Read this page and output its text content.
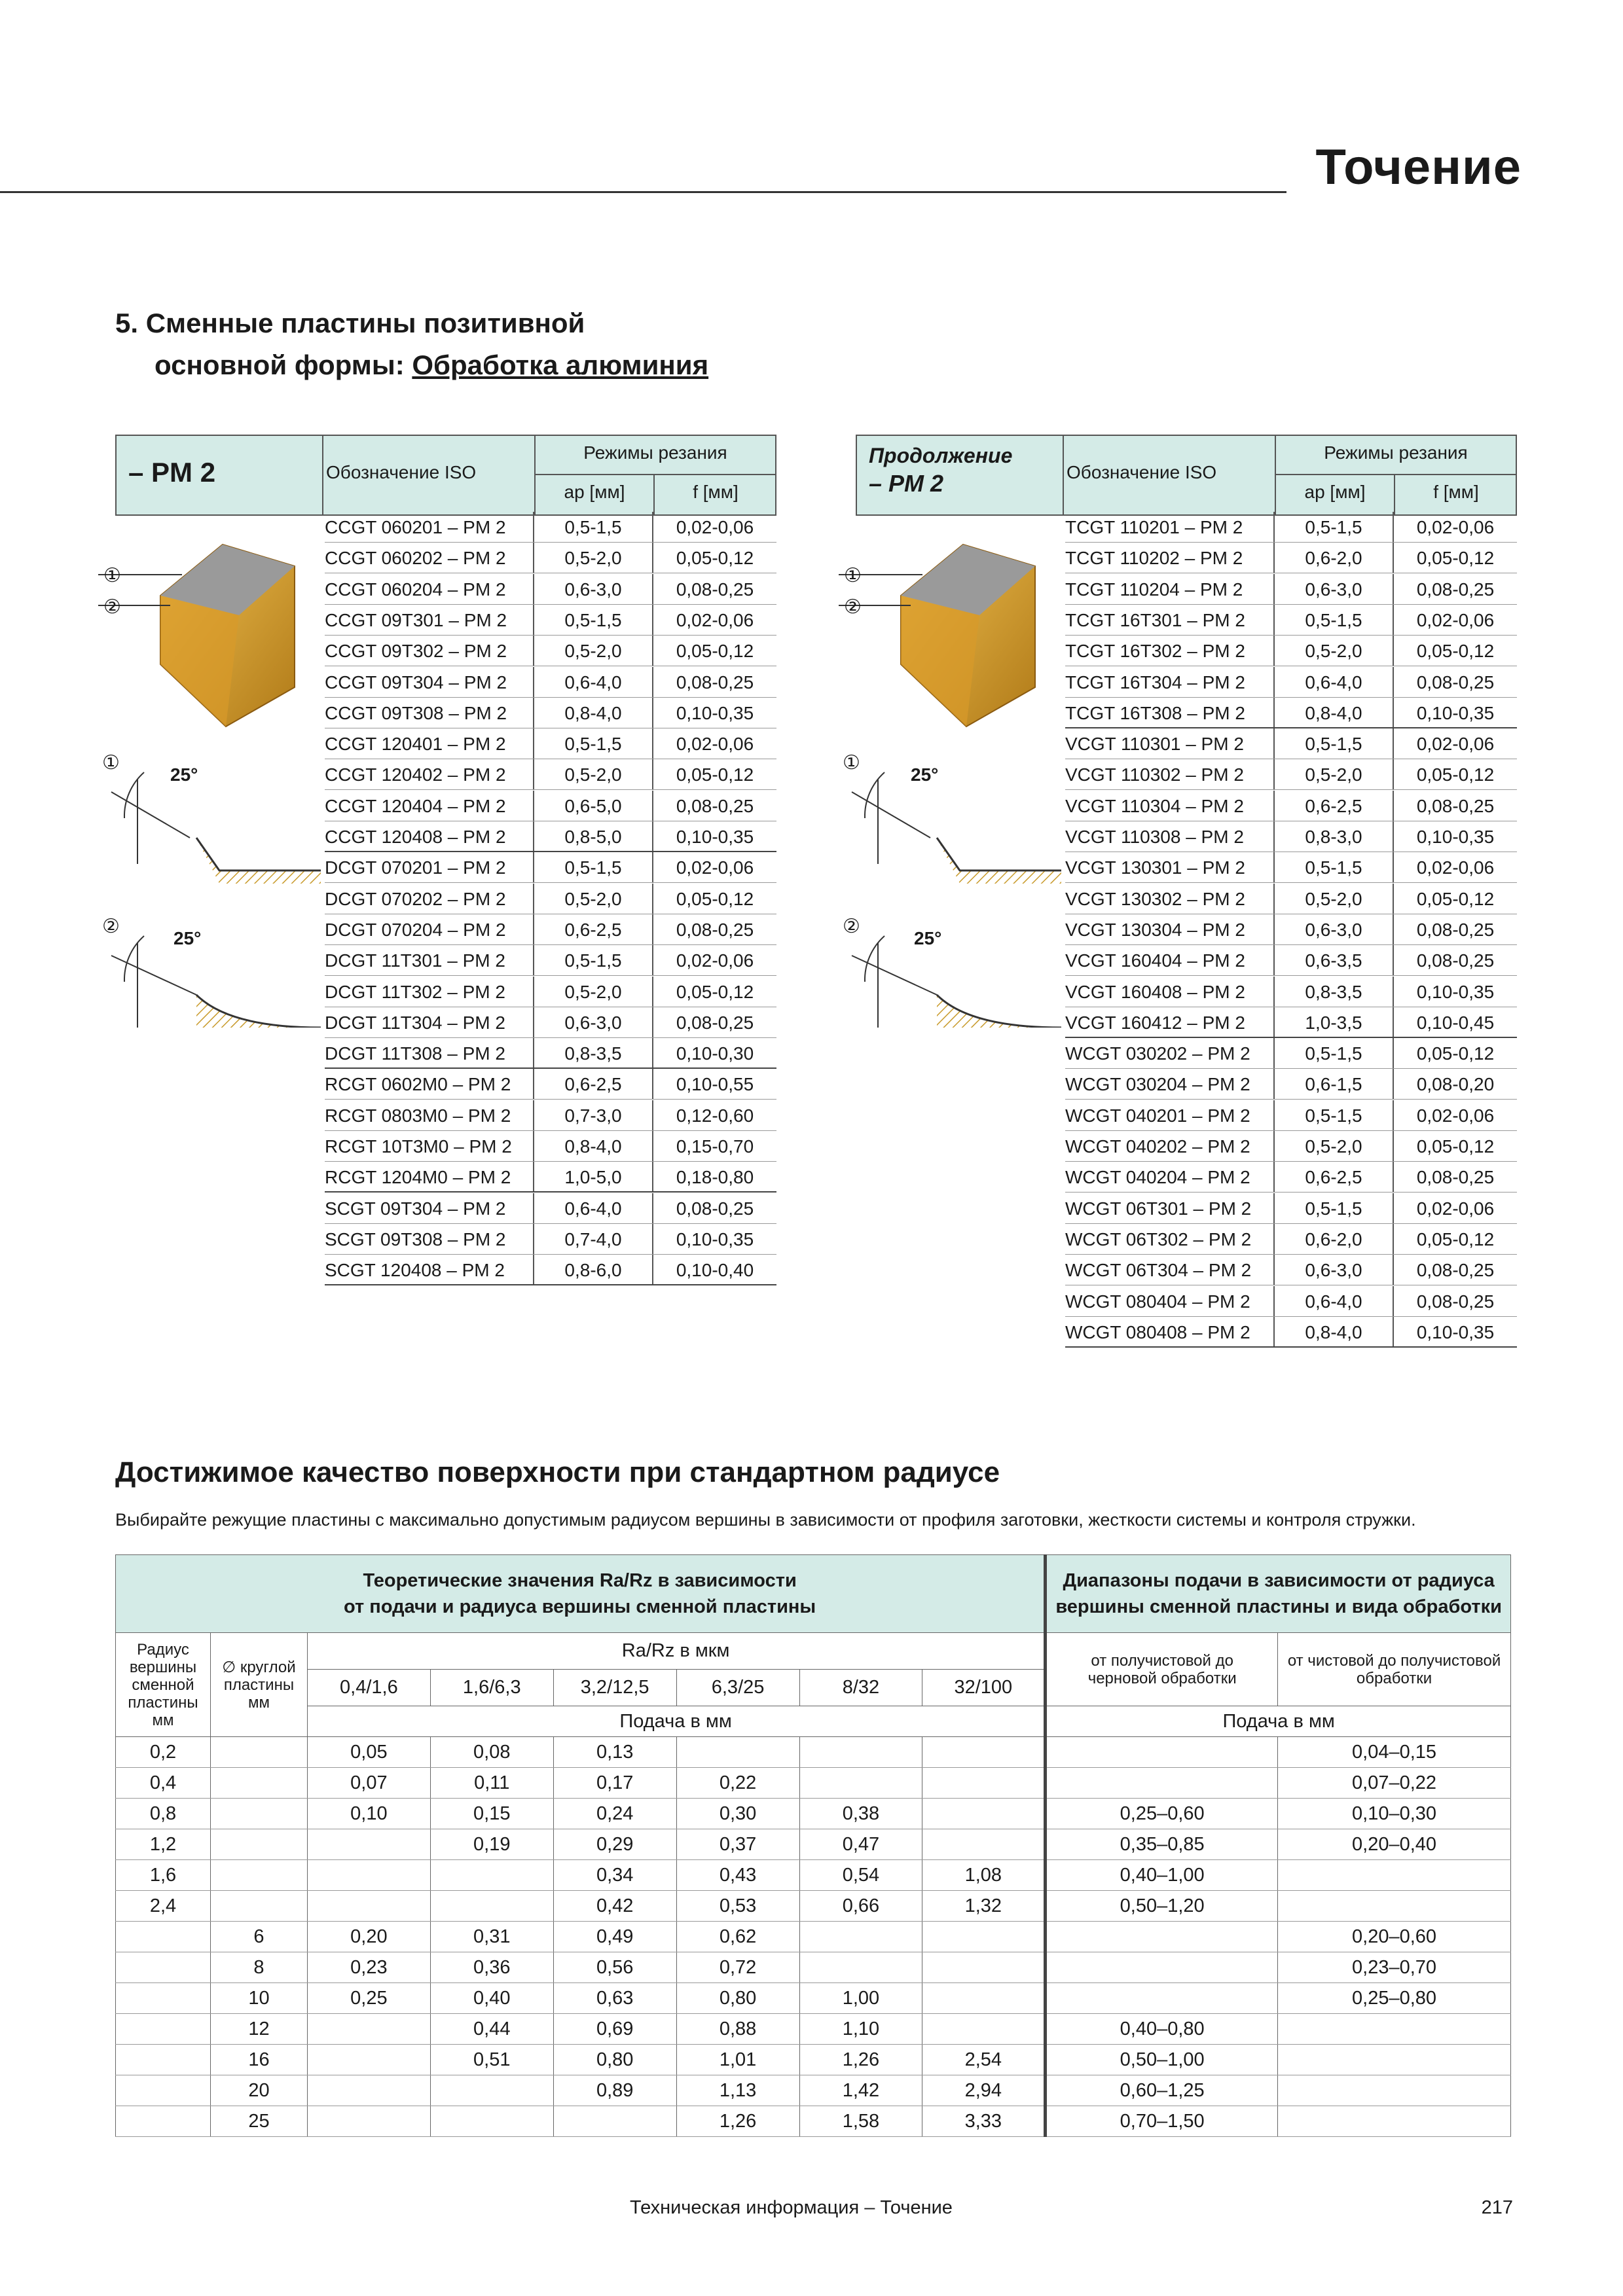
Точение
5. Сменные пластины позитивной
основной формы: Обработка алюминия
– PM 2	Обозначение ISO
Режимы резания
ap [мм]	f [мм]
CCGT 060201 – PM 2	0,5-1,5	0,02-0,06
CCGT 060202 – PM 2	0,5-2,0	0,05-0,12
CCGT 060204 – PM 2	0,6-3,0	0,08-0,25
CCGT 09T301 – PM 2	0,5-1,5	0,02-0,06
CCGT 09T302 – PM 2	0,5-2,0	0,05-0,12
CCGT 09T304 – PM 2	0,6-4,0	0,08-0,25
CCGT 09T308 – PM 2	0,8-4,0	0,10-0,35
CCGT 120401 – PM 2	0,5-1,5	0,02-0,06
CCGT 120402 – PM 2	0,5-2,0	0,05-0,12
CCGT 120404 – PM 2	0,6-5,0	0,08-0,25
CCGT 120408 – PM 2	0,8-5,0	0,10-0,35
DCGT 070201 – PM 2	0,5-1,5	0,02-0,06
DCGT 070202 – PM 2	0,5-2,0	0,05-0,12
DCGT 070204 – PM 2	0,6-2,5	0,08-0,25
DCGT 11T301 – PM 2	0,5-1,5	0,02-0,06
DCGT 11T302 – PM 2	0,5-2,0	0,05-0,12
DCGT 11T304 – PM 2	0,6-3,0	0,08-0,25
DCGT 11T308 – PM 2	0,8-3,5	0,10-0,30
RCGT 0602M0 – PM 2	0,6-2,5	0,10-0,55
RCGT 0803M0 – PM 2	0,7-3,0	0,12-0,60
RCGT 10T3M0 – PM 2	0,8-4,0	0,15-0,70
RCGT 1204M0 – PM 2	1,0-5,0	0,18-0,80
SCGT 09T304 – PM 2	0,6-4,0	0,08-0,25
SCGT 09T308 – PM 2	0,7-4,0	0,10-0,35
SCGT 120408 – PM 2	0,8-6,0	0,10-0,40
Продолжение
– PM 2	Обозначение ISO
Режимы резания
ap [мм]	f [мм]
TCGT 110201 – PM 2	0,5-1,5	0,02-0,06
TCGT 110202 – PM 2	0,6-2,0	0,05-0,12
TCGT 110204 – PM 2	0,6-3,0	0,08-0,25
TCGT 16T301 – PM 2	0,5-1,5	0,02-0,06
TCGT 16T302 – PM 2	0,5-2,0	0,05-0,12
TCGT 16T304 – PM 2	0,6-4,0	0,08-0,25
TCGT 16T308 – PM 2	0,8-4,0	0,10-0,35
VCGT 110301 – PM 2	0,5-1,5	0,02-0,06
VCGT 110302 – PM 2	0,5-2,0	0,05-0,12
VCGT 110304 – PM 2	0,6-2,5	0,08-0,25
VCGT 110308 – PM 2	0,8-3,0	0,10-0,35
VCGT 130301 – PM 2	0,5-1,5	0,02-0,06
VCGT 130302 – PM 2	0,5-2,0	0,05-0,12
VCGT 130304 – PM 2	0,6-3,0	0,08-0,25
VCGT 160404 – PM 2	0,6-3,5	0,08-0,25
VCGT 160408 – PM 2	0,8-3,5	0,10-0,35
VCGT 160412 – PM 2	1,0-3,5	0,10-0,45
WCGT 030202 – PM 2	0,5-1,5	0,05-0,12
WCGT 030204 – PM 2	0,6-1,5	0,08-0,20
WCGT 040201 – PM 2	0,5-1,5	0,02-0,06
WCGT 040202 – PM 2	0,5-2,0	0,05-0,12
WCGT 040204 – PM 2	0,6-2,5	0,08-0,25
WCGT 06T301 – PM 2	0,5-1,5	0,02-0,06
WCGT 06T302 – PM 2	0,6-2,0	0,05-0,12
WCGT 06T304 – PM 2	0,6-3,0	0,08-0,25
WCGT 080404 – PM 2	0,6-4,0	0,08-0,25
WCGT 080408 – PM 2	0,8-4,0	0,10-0,35
①
②
①
25°
②
25°
①
②
①
25°
②
25°
Достижимое качество поверхности при стандартном радиусе
Выбирайте режущие пластины с максимально допустимым радиусом вершины в зависимости от профиля заготовки, жесткости системы и контроля стружки.
Теоретические значения Ra/Rz в зависимости
от подачи и радиуса вершины сменной пластины								Диапазоны подачи в зависимости от радиуса
вершины сменной пластины и вида обработки	
Радиус вершины сменной пластины мм	∅ круглой пластины мм	Ra/Rz в мкм						от получистовой до черновой обработки	от чистовой до получистовой обработки
		0,4/1,6	1,6/6,3	3,2/12,5	6,3/25	8/32	32/100		
		Подача в мм						Подача в мм	
0,2		0,05	0,08	0,13					0,04–0,15
0,4		0,07	0,11	0,17	0,22				0,07–0,22
0,8		0,10	0,15	0,24	0,30	0,38		0,25–0,60	0,10–0,30
1,2			0,19	0,29	0,37	0,47		0,35–0,85	0,20–0,40
1,6				0,34	0,43	0,54	1,08	0,40–1,00	
2,4				0,42	0,53	0,66	1,32	0,50–1,20	
	6	0,20	0,31	0,49	0,62				0,20–0,60
	8	0,23	0,36	0,56	0,72				0,23–0,70
	10	0,25	0,40	0,63	0,80	1,00			0,25–0,80
	12		0,44	0,69	0,88	1,10		0,40–0,80	
	16		0,51	0,80	1,01	1,26	2,54	0,50–1,00	
	20			0,89	1,13	1,42	2,94	0,60–1,25	
	25				1,26	1,58	3,33	0,70–1,50	
Техническая информация – Точение	217
